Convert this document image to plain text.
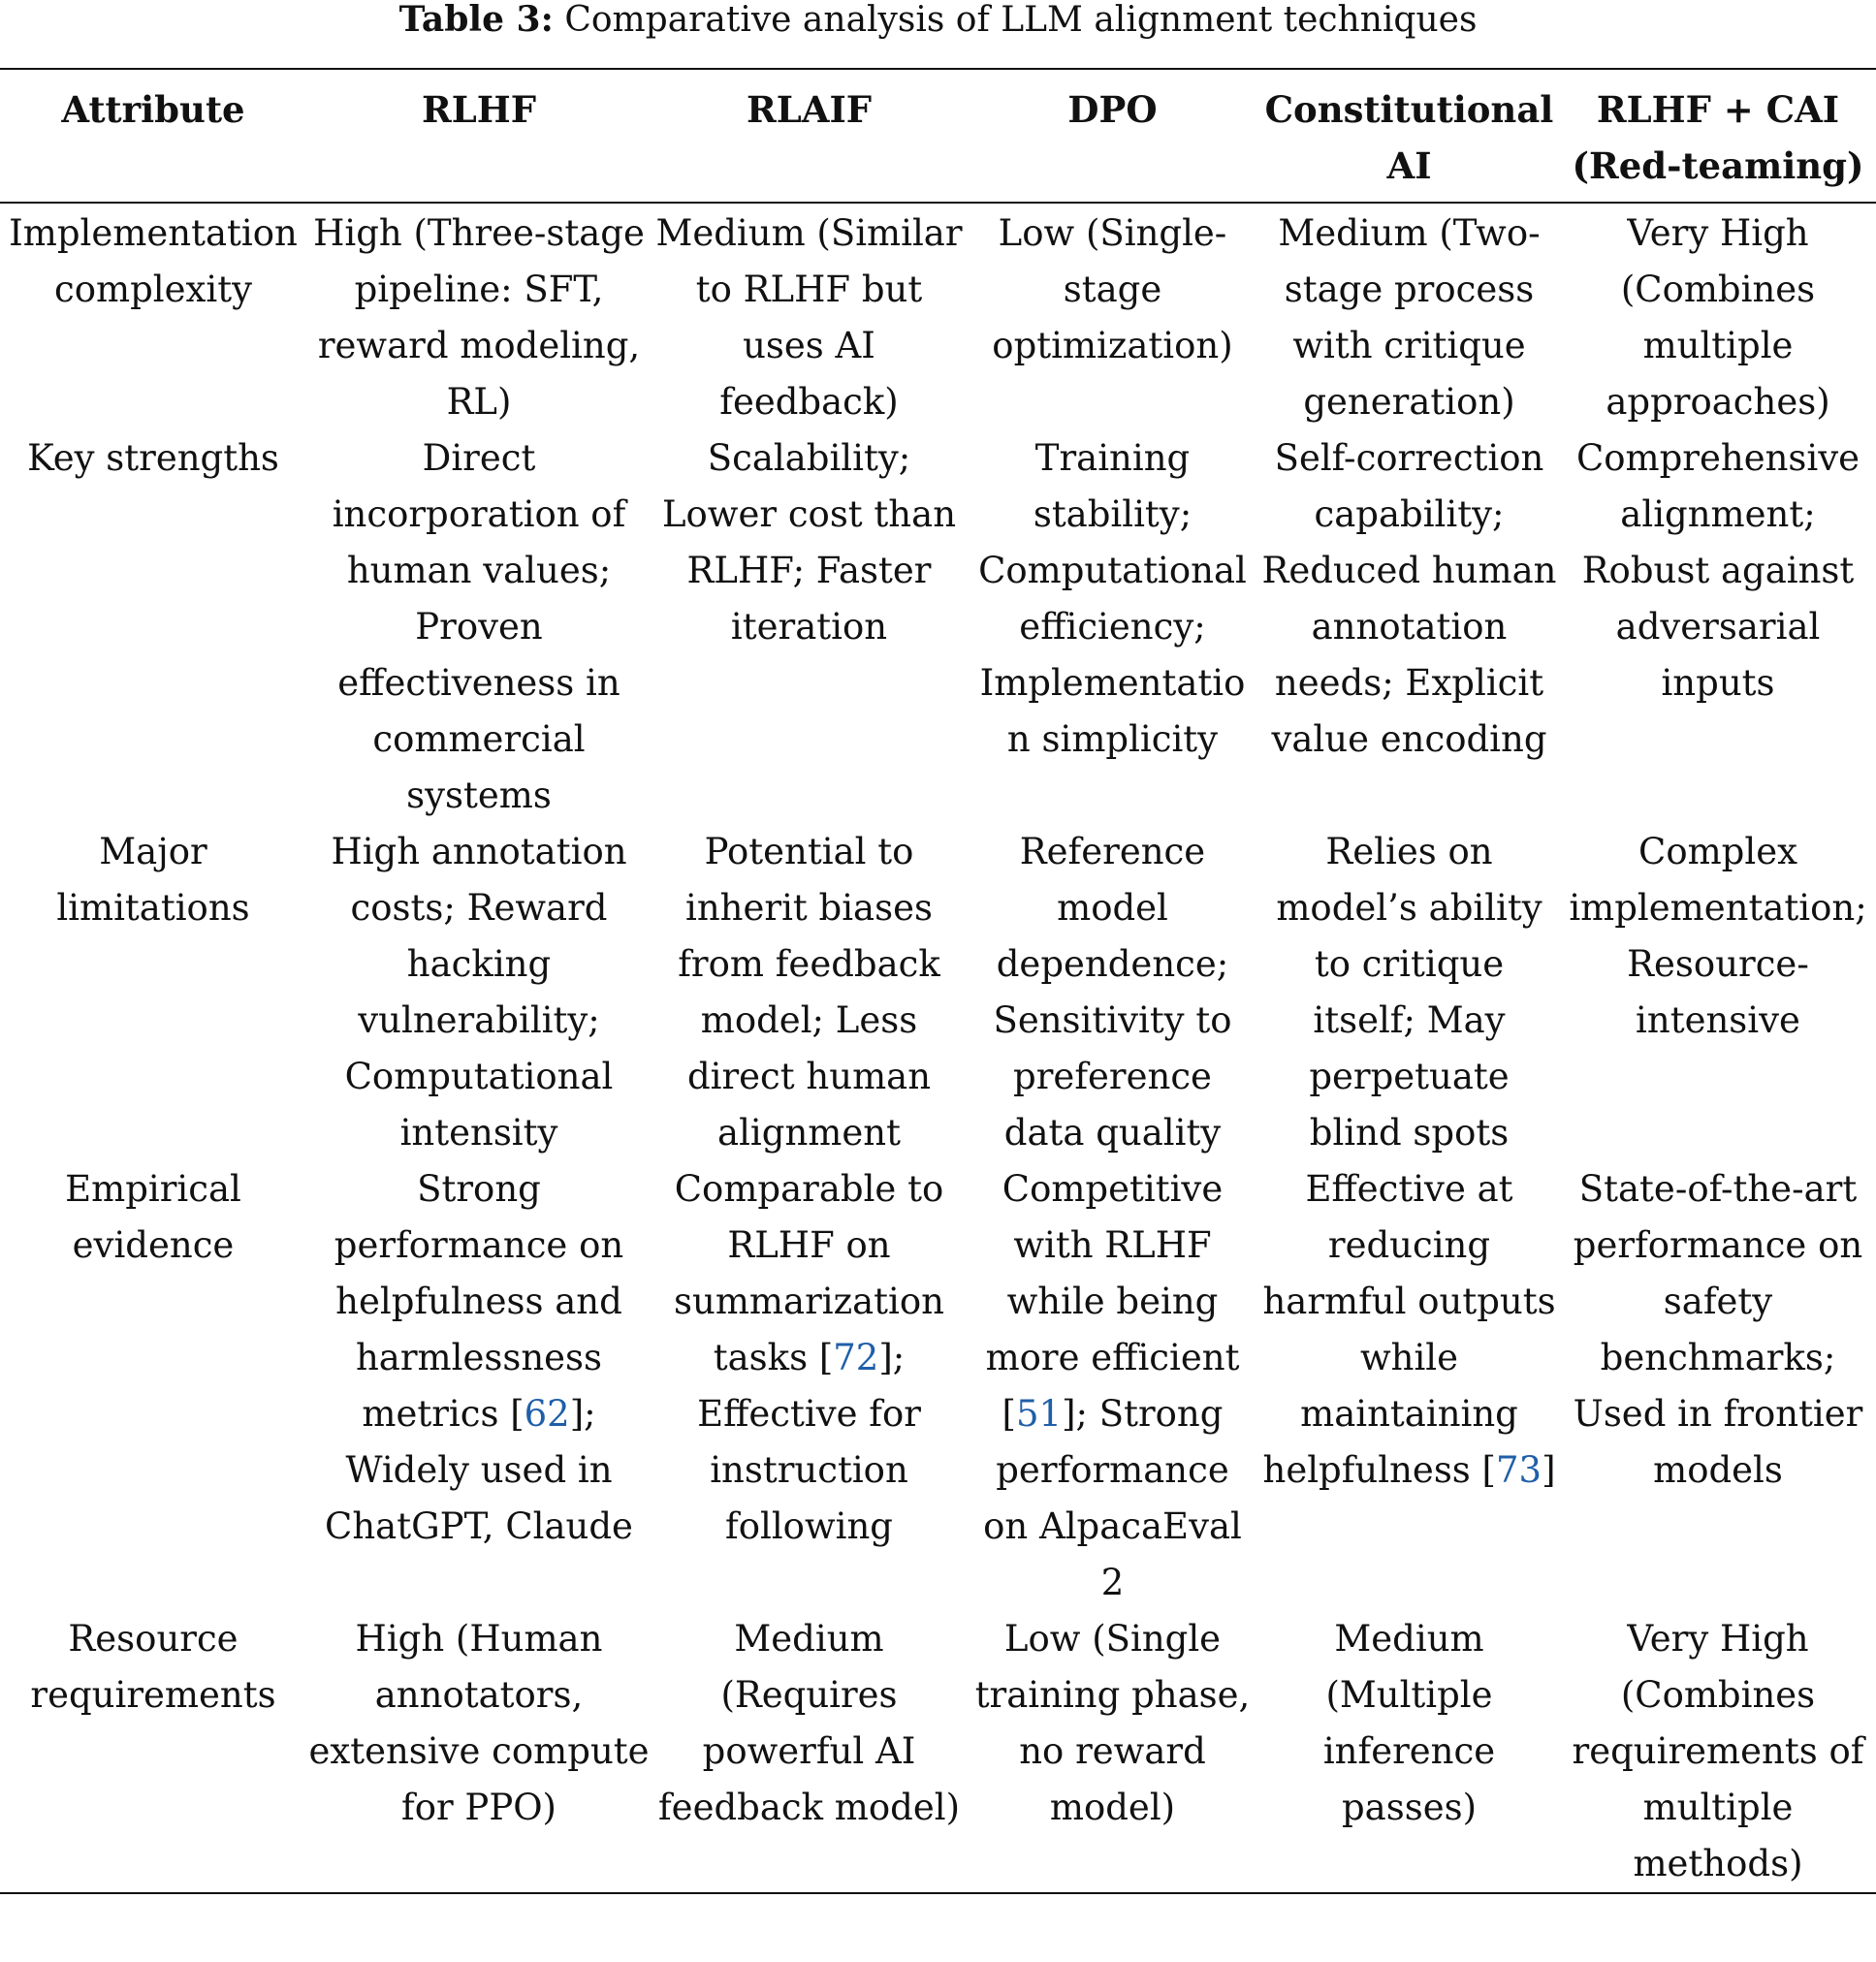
Table 3: Comparative analysis of LLM alignment techniques
Attribute	RLHF	RLAIF	DPO	Constitutional AI	RLHF + CAI (Red-teaming)
Implementation complexity	High (Three-stage pipeline: SFT, reward modeling, RL)	Medium (Similar to RLHF but uses AI feedback)	Low (Single-stage optimization)	Medium (Two-stage process with critique generation)	Very High (Combines multiple approaches)
Key strengths	Direct incorporation of human values; Proven effectiveness in commercial systems	Scalability; Lower cost than RLHF; Faster iteration	Training stability; Computational efficiency; Implementation simplicity	Self-correction capability; Reduced human annotation needs; Explicit value encoding	Comprehensive alignment; Robust against adversarial inputs
Major limitations	High annotation costs; Reward hacking vulnerability; Computational intensity	Potential to inherit biases from feedback model; Less direct human alignment	Reference model dependence; Sensitivity to preference data quality	Relies on model’s ability to critique itself; May perpetuate blind spots	Complex implementation; Resource-intensive
Empirical evidence	Strong performance on helpfulness and harmlessness metrics [62]; Widely used in ChatGPT, Claude	Comparable to RLHF on summarization tasks [72]; Effective for instruction following	Competitive with RLHF while being more efficient [51]; Strong performance on AlpacaEval 2	Effective at reducing harmful outputs while maintaining helpfulness [73]	State-of-the-art performance on safety benchmarks; Used in frontier models
Resource requirements	High (Human annotators, extensive compute for PPO)	Medium (Requires powerful AI feedback model)	Low (Single training phase, no reward model)	Medium (Multiple inference passes)	Very High (Combines requirements of multiple methods)
